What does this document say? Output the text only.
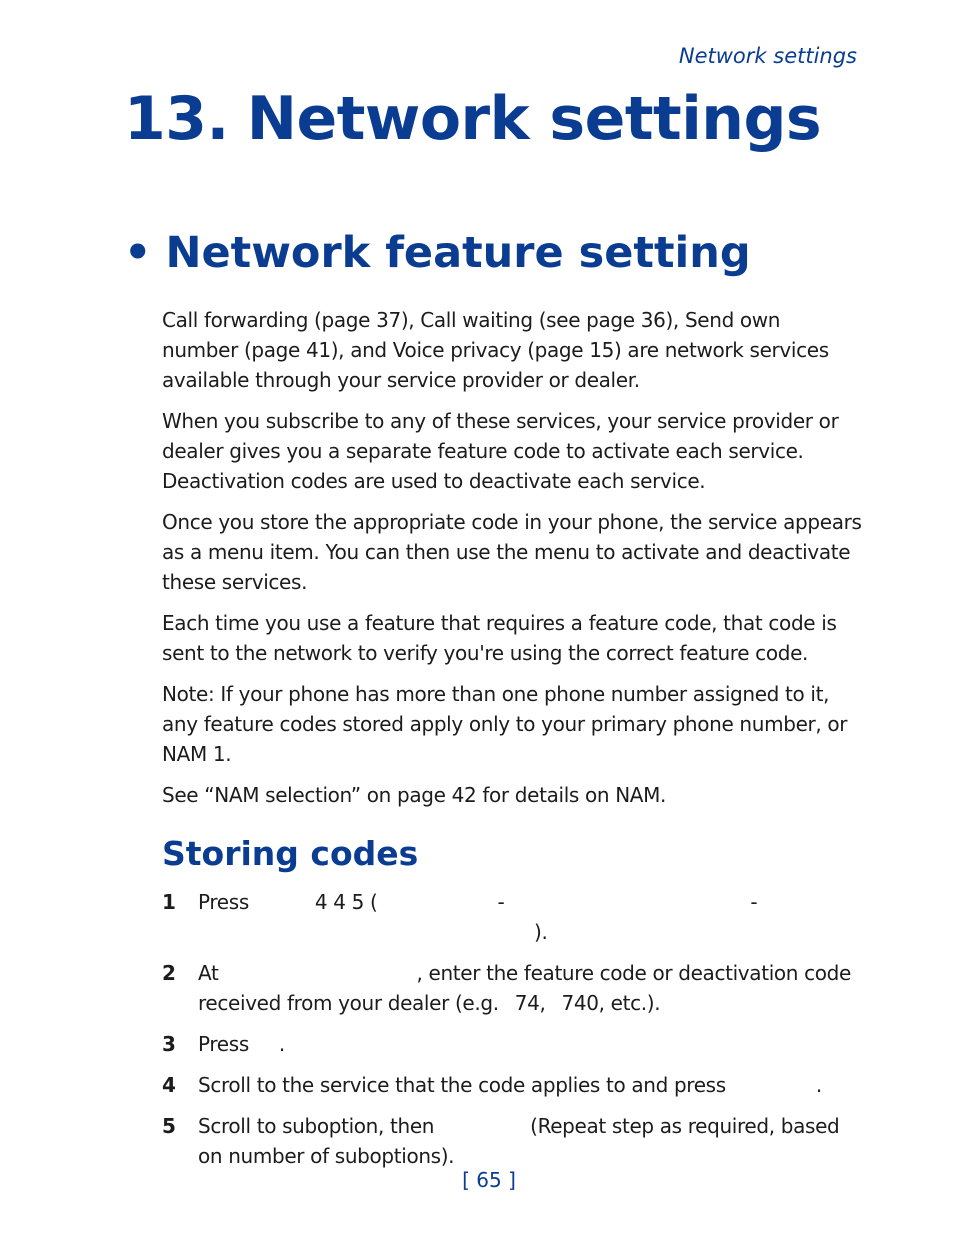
Network settings
13. Network settings
• Network feature setting

Call forwarding (page 37), Call waiting (see page 36), Send own number (page 41), and Voice privacy (page 15) are network services available through your service provider or dealer.

When you subscribe to any of these services, your service provider or dealer gives you a separate feature code to activate each service. Deactivation codes are used to deactivate each service.

Once you store the appropriate code in your phone, the service appears as a menu item. You can then use the menu to activate and deactivate these services.

Each time you use a feature that requires a feature code, that code is sent to the network to verify you're using the correct feature code.

Note: If your phone has more than one phone number assigned to it, any feature codes stored apply only to your primary phone number, or NAM 1.

See “NAM selection” on page 42 for details on NAM.

Storing codes
1 Press	4 4 5 (	-	-
).
2 At	, enter the feature code or deactivation code received from your dealer (e.g. 74, 740, etc.).
3 Press .
4 Scroll to the service that the code applies to and press	.
5 Scroll to suboption, then	(Repeat step as required, based on number of suboptions).
[ 65 ]
